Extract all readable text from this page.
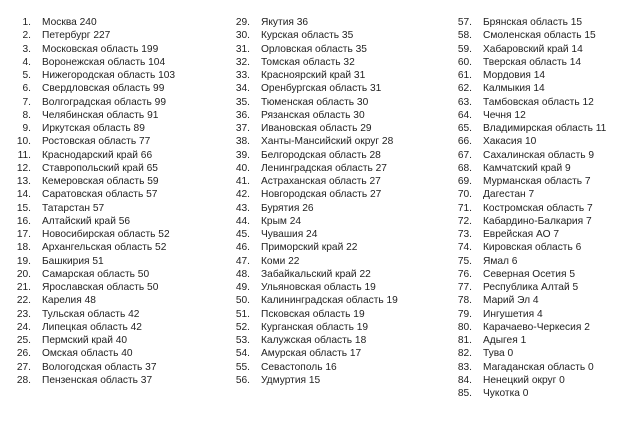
1. Москва 240
2. Петербург 227
3. Московская область 199
4. Воронежская область 104
5. Нижегородская область 103
6. Свердловская область 99
7. Волгоградская область 99
8. Челябинская область 91
9. Иркутская область 89
10. Ростовская область 77
11. Краснодарский край 66
12. Ставропольский край 65
13. Кемеровская область 59
14. Саратовская область 57
15. Татарстан 57
16. Алтайский край 56
17. Новосибирская область 52
18. Архангельская область 52
19. Башкирия 51
20. Самарская область 50
21. Ярославская область 50
22. Карелия 48
23. Тульская область 42
24. Липецкая область 42
25. Пермский край 40
26. Омская область 40
27. Вологодская область 37
28. Пензенская область 37
29. Якутия 36
30. Курская область 35
31. Орловская область 35
32. Томская область 32
33. Красноярский край 31
34. Оренбургская область 31
35. Тюменская область 30
36. Рязанская область 30
37. Ивановская область 29
38. Ханты-Мансийский округ 28
39. Белгородская область 28
40. Ленинградская область 27
41. Астраханская область 27
42. Новгородская область 27
43. Бурятия 26
44. Крым 24
45. Чувашия 24
46. Приморский край 22
47. Коми 22
48. Забайкальский край 22
49. Ульяновская область 19
50. Калининградская область 19
51. Псковская область 19
52. Курганская область 19
53. Калужская область 18
54. Амурская область 17
55. Севастополь 16
56. Удмуртия 15
57. Брянская область 15
58. Смоленская область 15
59. Хабаровский край 14
60. Тверская область 14
61. Мордовия 14
62. Калмыкия 14
63. Тамбовская область 12
64. Чечня 12
65. Владимирская область 11
66. Хакасия 10
67. Сахалинская область 9
68. Камчатский край 9
69. Мурманская область 7
70. Дагестан 7
71. Костромская область 7
72. Кабардино-Балкария 7
73. Еврейская АО 7
74. Кировская область 6
75. Ямал 6
76. Северная Осетия 5
77. Республика Алтай 5
78. Марий Эл 4
79. Ингушетия 4
80. Карачаево-Черкесия 2
81. Адыгея 1
82. Тува 0
83. Магаданская область 0
84. Ненецкий округ 0
85. Чукотка 0
